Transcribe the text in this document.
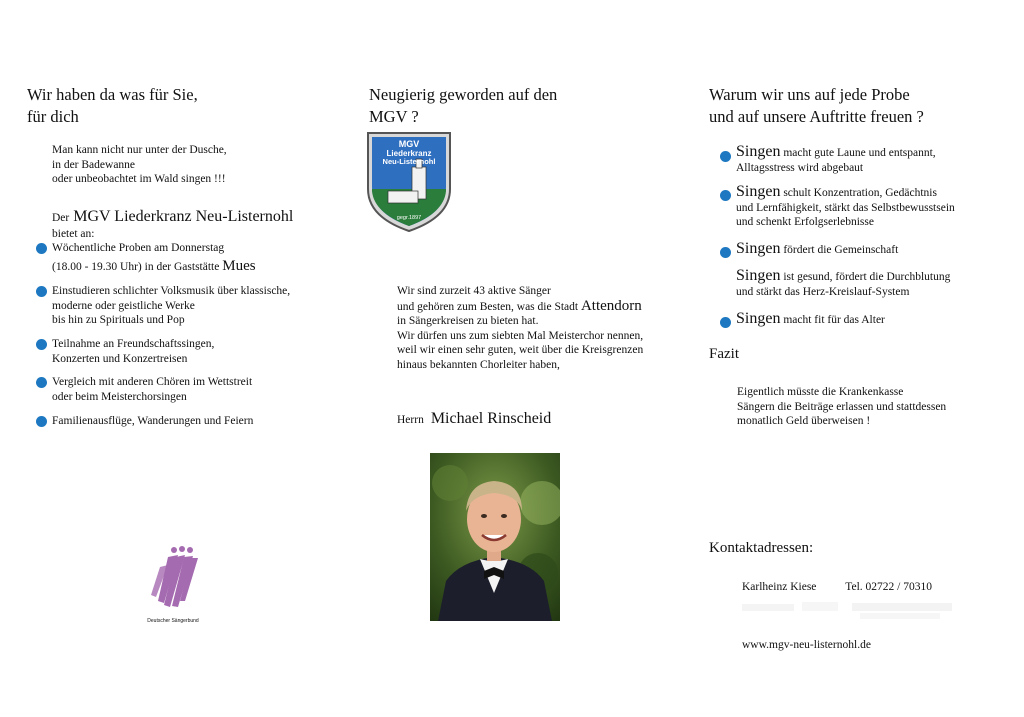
Wir haben da was für Sie,
für dich
Man kann nicht nur unter der Dusche,
in der Badewanne
oder unbeobachtet im Wald singen !!!
Der MGV Liederkranz Neu-Listernohl
bietet an:
Wöchentliche Proben am Donnerstag
(18.00 - 19.30 Uhr) in der Gaststätte Mues
Einstudieren schlichter Volksmusik über klassische,
moderne oder geistliche Werke
bis hin zu Spirituals und Pop
Teilnahme an Freundschaftssingen,
Konzerten und Konzertreisen
Vergleich mit anderen Chören im Wettstreit
oder beim Meisterchorsingen
Familienausflüge, Wanderungen und Feiern
Deutscher Sängerbund
Neugierig geworden auf den
MGV ?
MGV
Liederkranz
Neu-Listernohl
gegr.1897
Wir sind zurzeit 43 aktive Sänger
und gehören zum Besten, was die Stadt Attendorn
in Sängerkreisen zu bieten hat.
Wir dürfen uns zum siebten Mal Meisterchor nennen,
weil wir einen sehr guten, weit über die Kreisgrenzen
hinaus bekannten Chorleiter haben,
Herrn Michael Rinscheid
Warum wir uns auf jede Probe
und auf unsere Auftritte freuen ?
Singen macht gute Laune und entspannt,
Alltagsstress wird abgebaut
Singen schult Konzentration, Gedächtnis
und Lernfähigkeit, stärkt das Selbstbewusstsein
und schenkt Erfolgserlebnisse
Singen fördert die Gemeinschaft
Singen ist gesund, fördert die Durchblutung
und stärkt das Herz-Kreislauf-System
Singen macht fit für das Alter
Fazit
Eigentlich müsste die Krankenkasse
Sängern die Beiträge erlassen und stattdessen
monatlich Geld überweisen !
Kontaktadressen:
Karlheinz Kiese	Tel. 02722 / 70310
www.mgv-neu-listernohl.de
